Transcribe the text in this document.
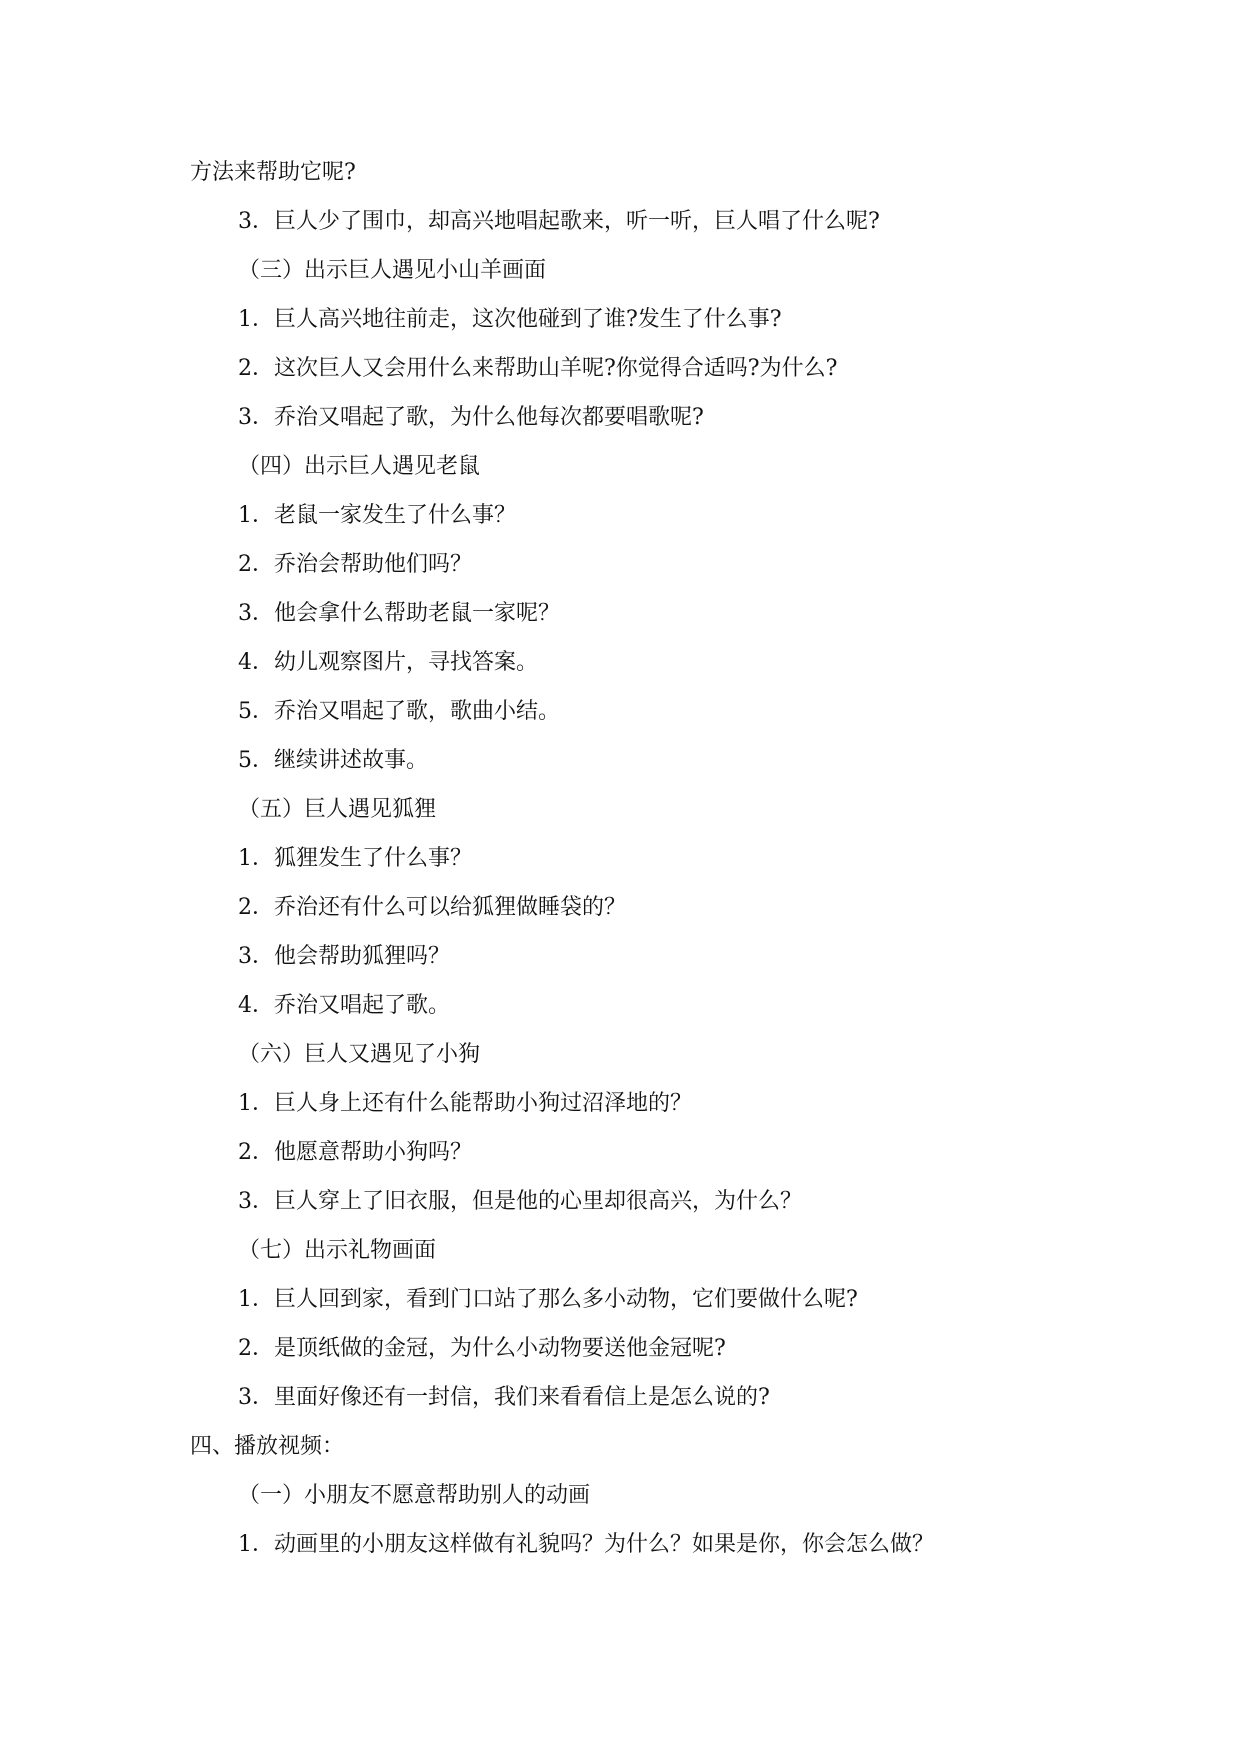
方法来帮助它呢?
3．巨人少了围巾，却高兴地唱起歌来，听一听，巨人唱了什么呢?
（三）出示巨人遇见小山羊画面
1．巨人高兴地往前走，这次他碰到了谁?发生了什么事?
2．这次巨人又会用什么来帮助山羊呢?你觉得合适吗?为什么?
3．乔治又唱起了歌，为什么他每次都要唱歌呢?
（四）出示巨人遇见老鼠
1．老鼠一家发生了什么事？
2．乔治会帮助他们吗？
3．他会拿什么帮助老鼠一家呢？
4．幼儿观察图片，寻找答案。
5．乔治又唱起了歌，歌曲小结。
5．继续讲述故事。
（五）巨人遇见狐狸
1．狐狸发生了什么事？
2．乔治还有什么可以给狐狸做睡袋的？
3．他会帮助狐狸吗？
4．乔治又唱起了歌。
（六）巨人又遇见了小狗
1．巨人身上还有什么能帮助小狗过沼泽地的？
2．他愿意帮助小狗吗？
3．巨人穿上了旧衣服，但是他的心里却很高兴，为什么？
（七）出示礼物画面
1．巨人回到家，看到门口站了那么多小动物，它们要做什么呢?
2．是顶纸做的金冠，为什么小动物要送他金冠呢?
3．里面好像还有一封信，我们来看看信上是怎么说的?
四、播放视频：
（一）小朋友不愿意帮助别人的动画
1．动画里的小朋友这样做有礼貌吗？为什么？如果是你，你会怎么做？
